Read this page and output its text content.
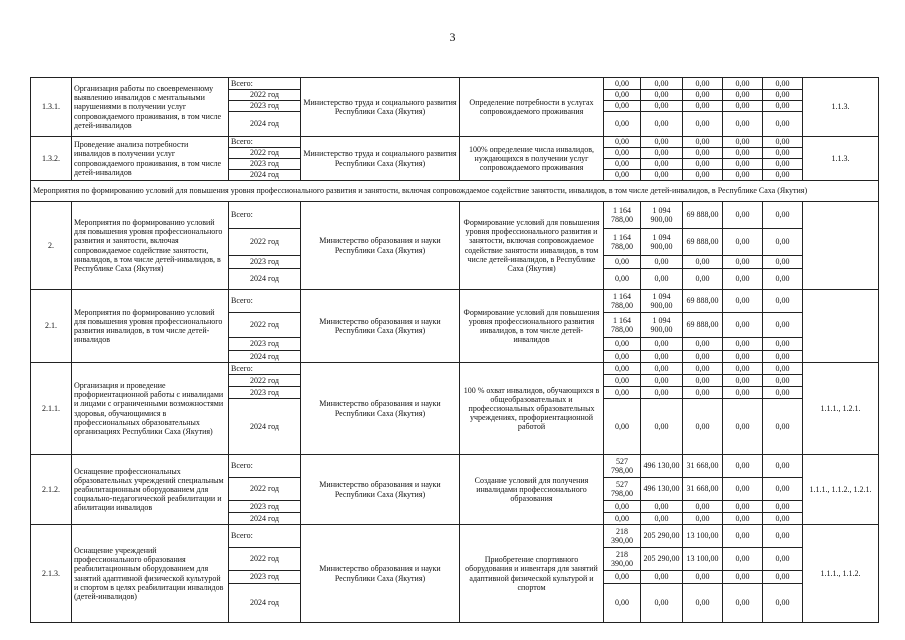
3
1.3.1.	Организация работы по своевременному выявлению инвалидов с ментальными нарушениями в получении услуг сопровождаемого проживания, в том числе детей-инвалидов	Всего:	Министерство труда и социального развития Республики Саха (Якутия)	Определение потребности в услугах сопровождаемого проживания	0,00	0,00	0,00	0,00	0,00	1.1.3.
		2022 год			0,00	0,00	0,00	0,00	0,00	
		2023 год			0,00	0,00	0,00	0,00	0,00	
		2024 год			0,00	0,00	0,00	0,00	0,00	
1.3.2.	Проведение анализа потребности инвалидов в получении услуг сопровождаемого проживания, в том числе детей-инвалидов	Всего:	Министерство труда и социального развития Республики Саха (Якутия)	100% определение числа инвалидов, нуждающихся в получении услуг сопровождаемого проживания	0,00	0,00	0,00	0,00	0,00	1.1.3.
		2022 год			0,00	0,00	0,00	0,00	0,00	
		2023 год			0,00	0,00	0,00	0,00	0,00	
		2024 год			0,00	0,00	0,00	0,00	0,00	
Мероприятия по формированию условий для повышения уровня профессионального развития и занятости, включая сопровождаемое содействие занятости, инвалидов, в том числе детей-инвалидов, в Республике Саха (Якутия)										
2.	Мероприятия по формированию условий для повышения уровня профессионального развития и занятости, включая сопровождаемое содействие занятости, инвалидов, в том числе детей-инвалидов, в Республике Саха (Якутия)	Всего:	Министерство образования и науки Республики Саха (Якутия)	Формирование условий для повышения уровня профессионального развития и занятости, включая сопровождаемое содействие занятости инвалидов, в том числе детей-инвалидов, в Республике Саха (Якутия)	1 164 788,00	1 094 900,00	69 888,00	0,00	0,00	
		2022 год			1 164 788,00	1 094 900,00	69 888,00	0,00	0,00	
		2023 год			0,00	0,00	0,00	0,00	0,00	
		2024 год			0,00	0,00	0,00	0,00	0,00	
2.1.	Мероприятия по формированию условий для повышения уровня профессионального развития инвалидов, в том числе детей-инвалидов	Всего:	Министерство образования и науки Республики Саха (Якутия)	Формирование условий для повышения уровня профессионального развития инвалидов, в том числе детей-инвалидов	1 164 788,00	1 094 900,00	69 888,00	0,00	0,00	
		2022 год			1 164 788,00	1 094 900,00	69 888,00	0,00	0,00	
		2023 год			0,00	0,00	0,00	0,00	0,00	
		2024 год			0,00	0,00	0,00	0,00	0,00	
2.1.1.	Организация и проведение профориентационной работы с инвалидами и лицами с ограниченными возможностями здоровья, обучающимися в профессиональных образовательных организациях Республики Саха (Якутия)	Всего:	Министерство образования и науки Республики Саха (Якутия)	100 % охват инвалидов, обучающихся в общеобразовательных и профессиональных образовательных учреждениях, профориентационной работой	0,00	0,00	0,00	0,00	0,00	1.1.1., 1.2.1.
		2022 год			0,00	0,00	0,00	0,00	0,00	
		2023 год			0,00	0,00	0,00	0,00	0,00	
		2024 год			0,00	0,00	0,00	0,00	0,00	
2.1.2.	Оснащение профессиональных образовательных учреждений специальным реабилитационным оборудованием для социально-педагогической реабилитации и абилитации инвалидов	Всего:	Министерство образования и науки Республики Саха (Якутия)	Создание условий для получения инвалидами профессионального образования	527 798,00	496 130,00	31 668,00	0,00	0,00	1.1.1., 1.1.2., 1.2.1.
		2022 год			527 798,00	496 130,00	31 668,00	0,00	0,00	
		2023 год			0,00	0,00	0,00	0,00	0,00	
		2024 год			0,00	0,00	0,00	0,00	0,00	
2.1.3.	Оснащение учреждений профессионального образования реабилитационным оборудованием для занятий адаптивной физической культурой и спортом в целях реабилитации инвалидов (детей-инвалидов)	Всего:	Министерство образования и науки Республики Саха (Якутия)	Приобретение спортивного оборудования и инвентаря для занятий адаптивной физической культурой и спортом	218 390,00	205 290,00	13 100,00	0,00	0,00	1.1.1., 1.1.2.
		2022 год			218 390,00	205 290,00	13 100,00	0,00	0,00	
		2023 год			0,00	0,00	0,00	0,00	0,00	
		2024 год			0,00	0,00	0,00	0,00	0,00	
